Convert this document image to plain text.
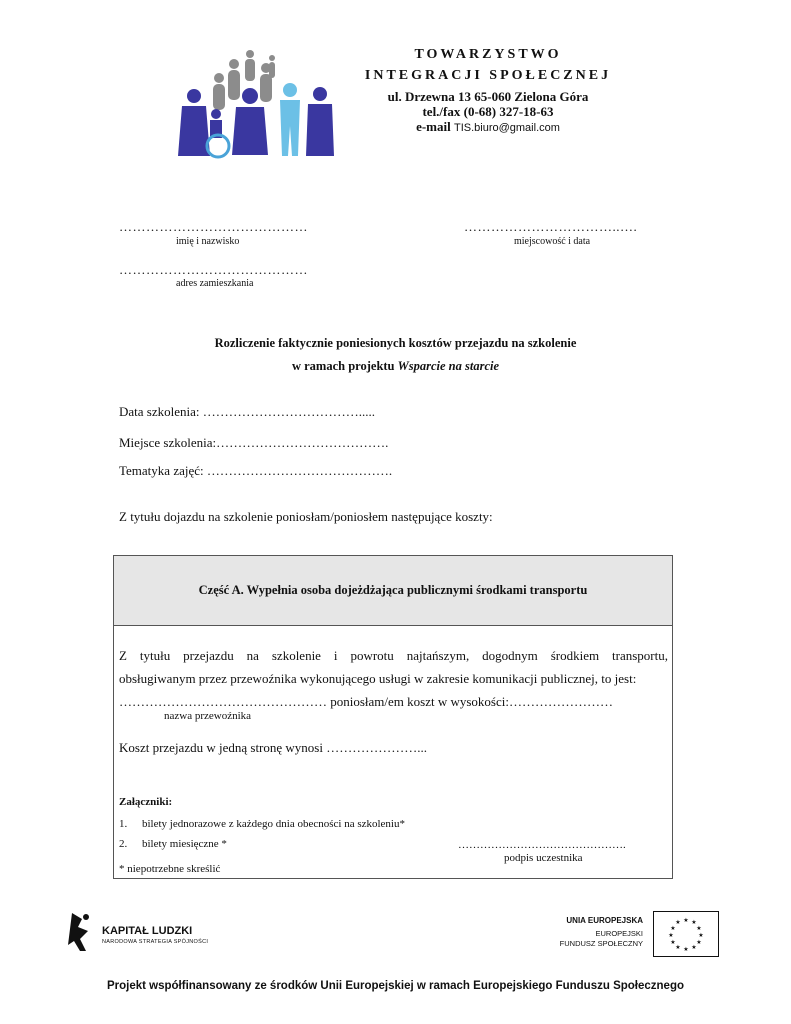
TOWARZYSTWO
INTEGRACJI SPOŁECZNEJ
ul. Drzewna 13 65-060 Zielona Góra
tel./fax (0-68) 327-18-63
e-mail TIS.biuro@gmail.com
……………………………………
imię i nazwisko
……………………………..….
miejscowość i data
……………………………………
adres zamieszkania
Rozliczenie faktycznie poniesionych kosztów przejazdu na szkolenie
w ramach projektu Wsparcie na starcie
Data szkolenia: ……………………………….....
Miejsce szkolenia:………………………………….
Tematyka zajęć: …………………………………….
Z tytułu dojazdu na szkolenie poniosłam/poniosłem następujące koszty:
Część A. Wypełnia osoba dojeżdżająca publicznymi środkami transportu
Z tytułu przejazdu na szkolenie i powrotu najtańszym, dogodnym środkiem transportu,
obsługiwanym przez przewoźnika wykonującego usługi w zakresie komunikacji publicznej, to jest:
………………………………………… poniosłam/em koszt w wysokości:……………………
nazwa przewoźnika
Koszt przejazdu w jedną stronę wynosi …………………...
Załączniki:
1. bilety jednorazowe z każdego dnia obecności na szkoleniu*
2. bilety miesięczne *	……………………………………….
podpis uczestnika
* niepotrzebne skreślić
KAPITAŁ LUDZKI
NARODOWA STRATEGIA SPÓJNOŚCI
UNIA EUROPEJSKA
EUROPEJSKI
FUNDUSZ SPOŁECZNY
★ ★
★
★
★
★
★
★
★
★
★
★
Projekt współfinansowany ze środków Unii Europejskiej w ramach Europejskiego Funduszu Społecznego
